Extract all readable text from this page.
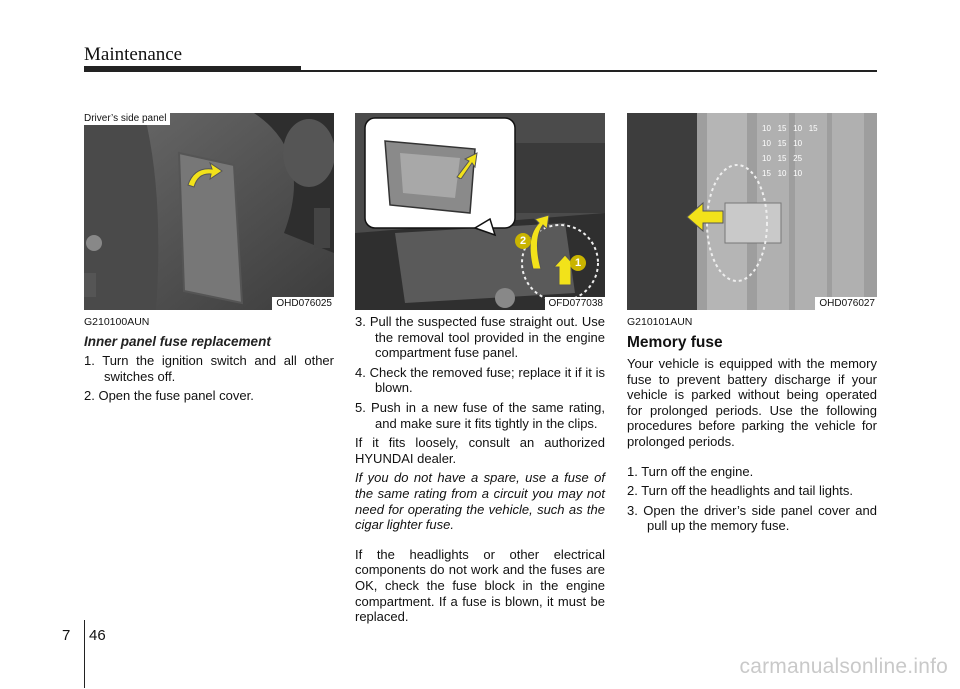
Maintenance
Driver’s side panel
OHD076025
2
1
OFD077038
10 15 10 15
10 15 10
10 15 25
15 10 10
OHD076027
G210100AUN
Inner panel fuse replacement
1. Turn the ignition switch and all other switches off.
2. Open the fuse panel cover.
3. Pull the suspected fuse straight out. Use the removal tool provided in the engine compartment fuse panel.
4. Check the removed fuse; replace it if it is blown.
5. Push in a new fuse of the same rating, and make sure it fits tightly in the clips.
If it fits loosely, consult an authorized HYUNDAI dealer.
If you do not have a spare, use a fuse of the same rating from a circuit you may not need for operating the vehicle, such as the cigar lighter fuse.
If the headlights or other electrical components do not work and the fuses are OK, check the fuse block in the engine compartment. If a fuse is blown, it must be replaced.
G210101AUN
Memory fuse
Your vehicle is equipped with the memory fuse to prevent battery discharge if your vehicle is parked without being operated for prolonged periods. Use the following procedures before parking the vehicle for prolonged periods.
1. Turn off the engine.
2. Turn off the headlights and tail lights.
3. Open the driver’s side panel cover and pull up the memory fuse.
7 46
carmanualsonline.info
